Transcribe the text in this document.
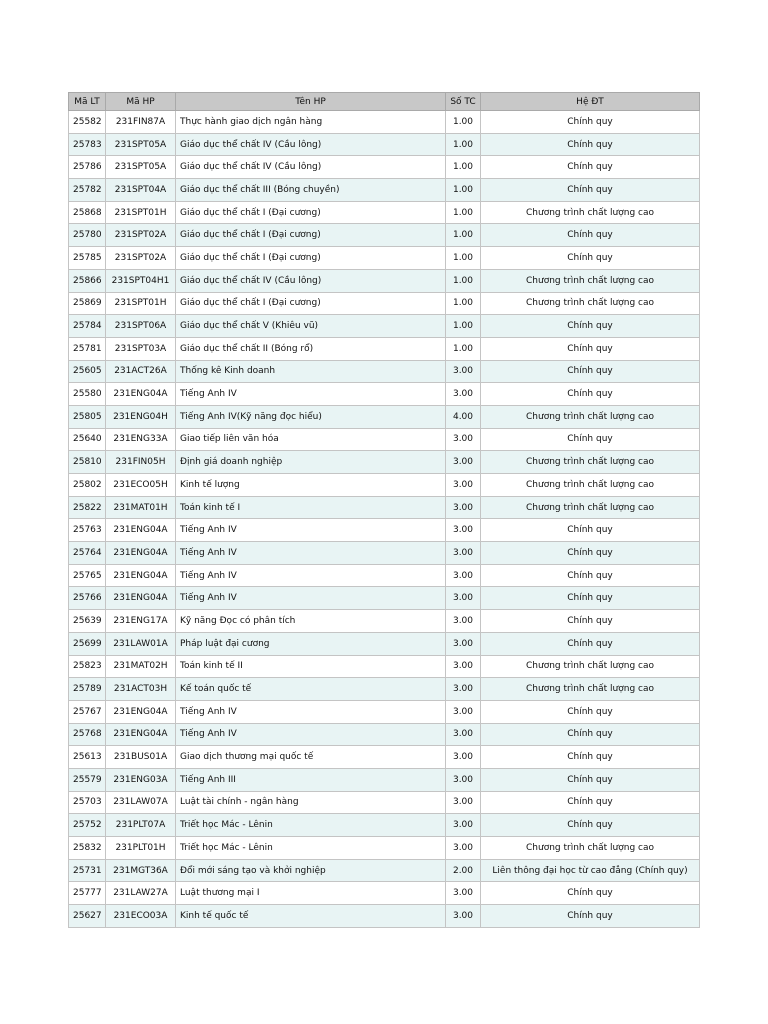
Mã LT	Mã HP	Tên HP	Số TC	Hệ ĐT
25582	231FIN87A	Thực hành giao dịch ngân hàng	1.00	Chính quy
25783	231SPT05A	Giáo dục thể chất IV (Cầu lông)	1.00	Chính quy
25786	231SPT05A	Giáo dục thể chất IV (Cầu lông)	1.00	Chính quy
25782	231SPT04A	Giáo dục thể chất III (Bóng chuyền)	1.00	Chính quy
25868	231SPT01H	Giáo dục thể chất I (Đại cương)	1.00	Chương trình chất lượng cao
25780	231SPT02A	Giáo dục thể chất I (Đại cương)	1.00	Chính quy
25785	231SPT02A	Giáo dục thể chất I (Đại cương)	1.00	Chính quy
25866	231SPT04H1	Giáo dục thể chất IV (Cầu lông)	1.00	Chương trình chất lượng cao
25869	231SPT01H	Giáo dục thể chất I (Đại cương)	1.00	Chương trình chất lượng cao
25784	231SPT06A	Giáo dục thể chất V (Khiêu vũ)	1.00	Chính quy
25781	231SPT03A	Giáo dục thể chất II (Bóng rổ)	1.00	Chính quy
25605	231ACT26A	Thống kê Kinh doanh	3.00	Chính quy
25580	231ENG04A	Tiếng Anh IV	3.00	Chính quy
25805	231ENG04H	Tiếng Anh IV(Kỹ năng đọc hiểu)	4.00	Chương trình chất lượng cao
25640	231ENG33A	Giao tiếp liên văn hóa	3.00	Chính quy
25810	231FIN05H	Định giá doanh nghiệp	3.00	Chương trình chất lượng cao
25802	231ECO05H	Kinh tế lượng	3.00	Chương trình chất lượng cao
25822	231MAT01H	Toán kinh tế I	3.00	Chương trình chất lượng cao
25763	231ENG04A	Tiếng Anh IV	3.00	Chính quy
25764	231ENG04A	Tiếng Anh IV	3.00	Chính quy
25765	231ENG04A	Tiếng Anh IV	3.00	Chính quy
25766	231ENG04A	Tiếng Anh IV	3.00	Chính quy
25639	231ENG17A	Kỹ năng Đọc có phân tích	3.00	Chính quy
25699	231LAW01A	Pháp luật đại cương	3.00	Chính quy
25823	231MAT02H	Toán kinh tế II	3.00	Chương trình chất lượng cao
25789	231ACT03H	Kế toán quốc tế	3.00	Chương trình chất lượng cao
25767	231ENG04A	Tiếng Anh IV	3.00	Chính quy
25768	231ENG04A	Tiếng Anh IV	3.00	Chính quy
25613	231BUS01A	Giao dịch thương mại quốc tế	3.00	Chính quy
25579	231ENG03A	Tiếng Anh III	3.00	Chính quy
25703	231LAW07A	Luật tài chính - ngân hàng	3.00	Chính quy
25752	231PLT07A	Triết học Mác - Lênin	3.00	Chính quy
25832	231PLT01H	Triết học Mác - Lênin	3.00	Chương trình chất lượng cao
25731	231MGT36A	Đổi mới sáng tạo và khởi nghiệp	2.00	Liên thông đại học từ cao đẳng (Chính quy)
25777	231LAW27A	Luật thương mại I	3.00	Chính quy
25627	231ECO03A	Kinh tế quốc tế	3.00	Chính quy
